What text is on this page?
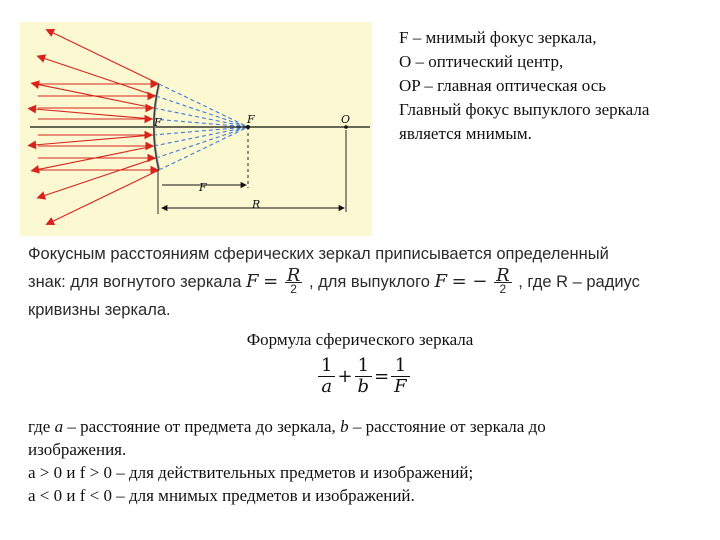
F	F	O
F
R
F – мнимый фокус зеркала,
O – оптический центр,
OP – главная оптическая ось
Главный фокус выпуклого зеркала
является мнимым.
Фокусным расстояниям сферических зеркал приписывается определенный
знак: для вогнутого зеркала $F = \frac{R}{2}$ , для выпуклого F = − $\frac{R}{2}$ , где R – радиус
кривизны зеркала.
Формула сферического зеркала
$\frac{1}{a} + \frac{1}{b} = \frac{1}{F}$
где a – расстояние от предмета до зеркала, b – расстояние от зеркала до
изображения.
a > 0 и f > 0 – для действительных предметов и изображений;
a < 0 и f < 0 – для мнимых предметов и изображений.
